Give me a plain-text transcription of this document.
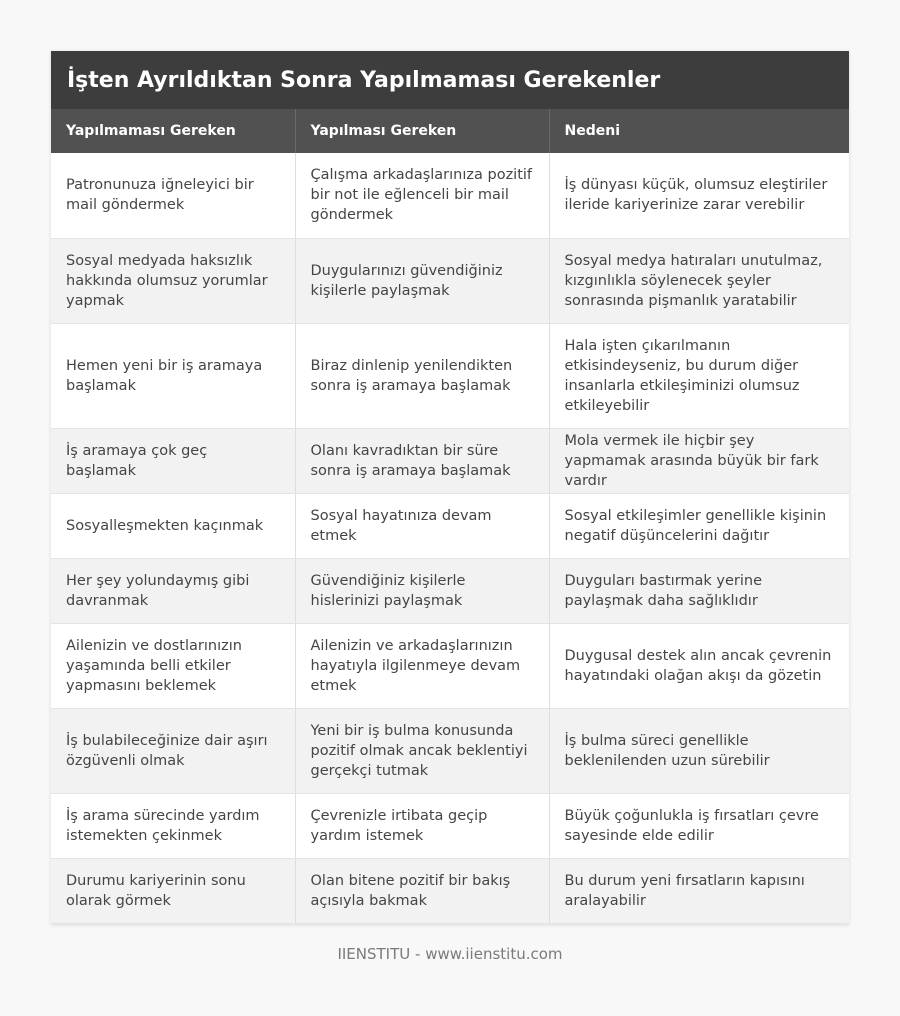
İşten Ayrıldıktan Sonra Yapılmaması Gerekenler
Yapılmaması Gereken	Yapılması Gereken	Nedeni
Patronunuza iğneleyici bir mail göndermek	Çalışma arkadaşlarınıza pozitif bir not ile eğlenceli bir mail göndermek	İş dünyası küçük, olumsuz eleştiriler ileride kariyerinize zarar verebilir
Sosyal medyada haksızlık hakkında olumsuz yorumlar yapmak	Duygularınızı güvendiğiniz kişilerle paylaşmak	Sosyal medya hatıraları unutulmaz, kızgınlıkla söylenecek şeyler sonrasında pişmanlık yaratabilir
Hemen yeni bir iş aramaya başlamak	Biraz dinlenip yenilendikten sonra iş aramaya başlamak	Hala işten çıkarılmanın etkisindeyseniz, bu durum diğer insanlarla etkileşiminizi olumsuz etkileyebilir
İş aramaya çok geç başlamak	Olanı kavradıktan bir süre sonra iş aramaya başlamak	Mola vermek ile hiçbir şey yapmamak arasında büyük bir fark vardır
Sosyalleşmekten kaçınmak	Sosyal hayatınıza devam etmek	Sosyal etkileşimler genellikle kişinin negatif düşüncelerini dağıtır
Her şey yolundaymış gibi davranmak	Güvendiğiniz kişilerle hislerinizi paylaşmak	Duyguları bastırmak yerine paylaşmak daha sağlıklıdır
Ailenizin ve dostlarınızın yaşamında belli etkiler yapmasını beklemek	Ailenizin ve arkadaşlarınızın hayatıyla ilgilenmeye devam etmek	Duygusal destek alın ancak çevrenin hayatındaki olağan akışı da gözetin
İş bulabileceğinize dair aşırı özgüvenli olmak	Yeni bir iş bulma konusunda pozitif olmak ancak beklentiyi gerçekçi tutmak	İş bulma süreci genellikle beklenilenden uzun sürebilir
İş arama sürecinde yardım istemekten çekinmek	Çevrenizle irtibata geçip yardım istemek	Büyük çoğunlukla iş fırsatları çevre sayesinde elde edilir
Durumu kariyerinin sonu olarak görmek	Olan bitene pozitif bir bakış açısıyla bakmak	Bu durum yeni fırsatların kapısını aralayabilir
IIENSTITU - www.iienstitu.com
